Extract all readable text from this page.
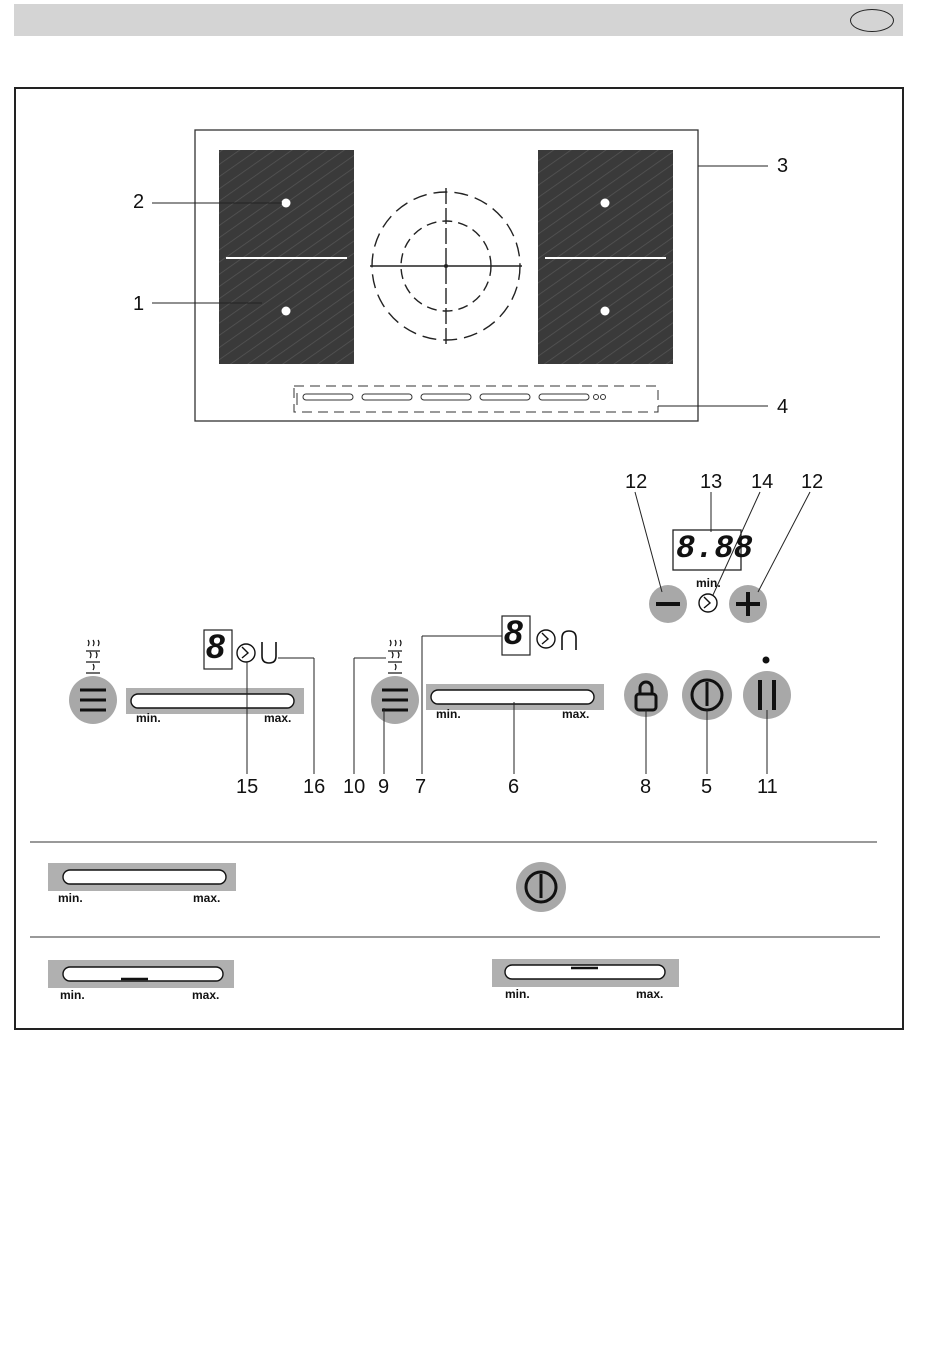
2
1
3
4
12	13 14 12
8.88
min.
8	8
min.	max.	min.	max.
15 16 10 9 7	6	8 5 11
min.	max.
min.	max.	min.	max.
